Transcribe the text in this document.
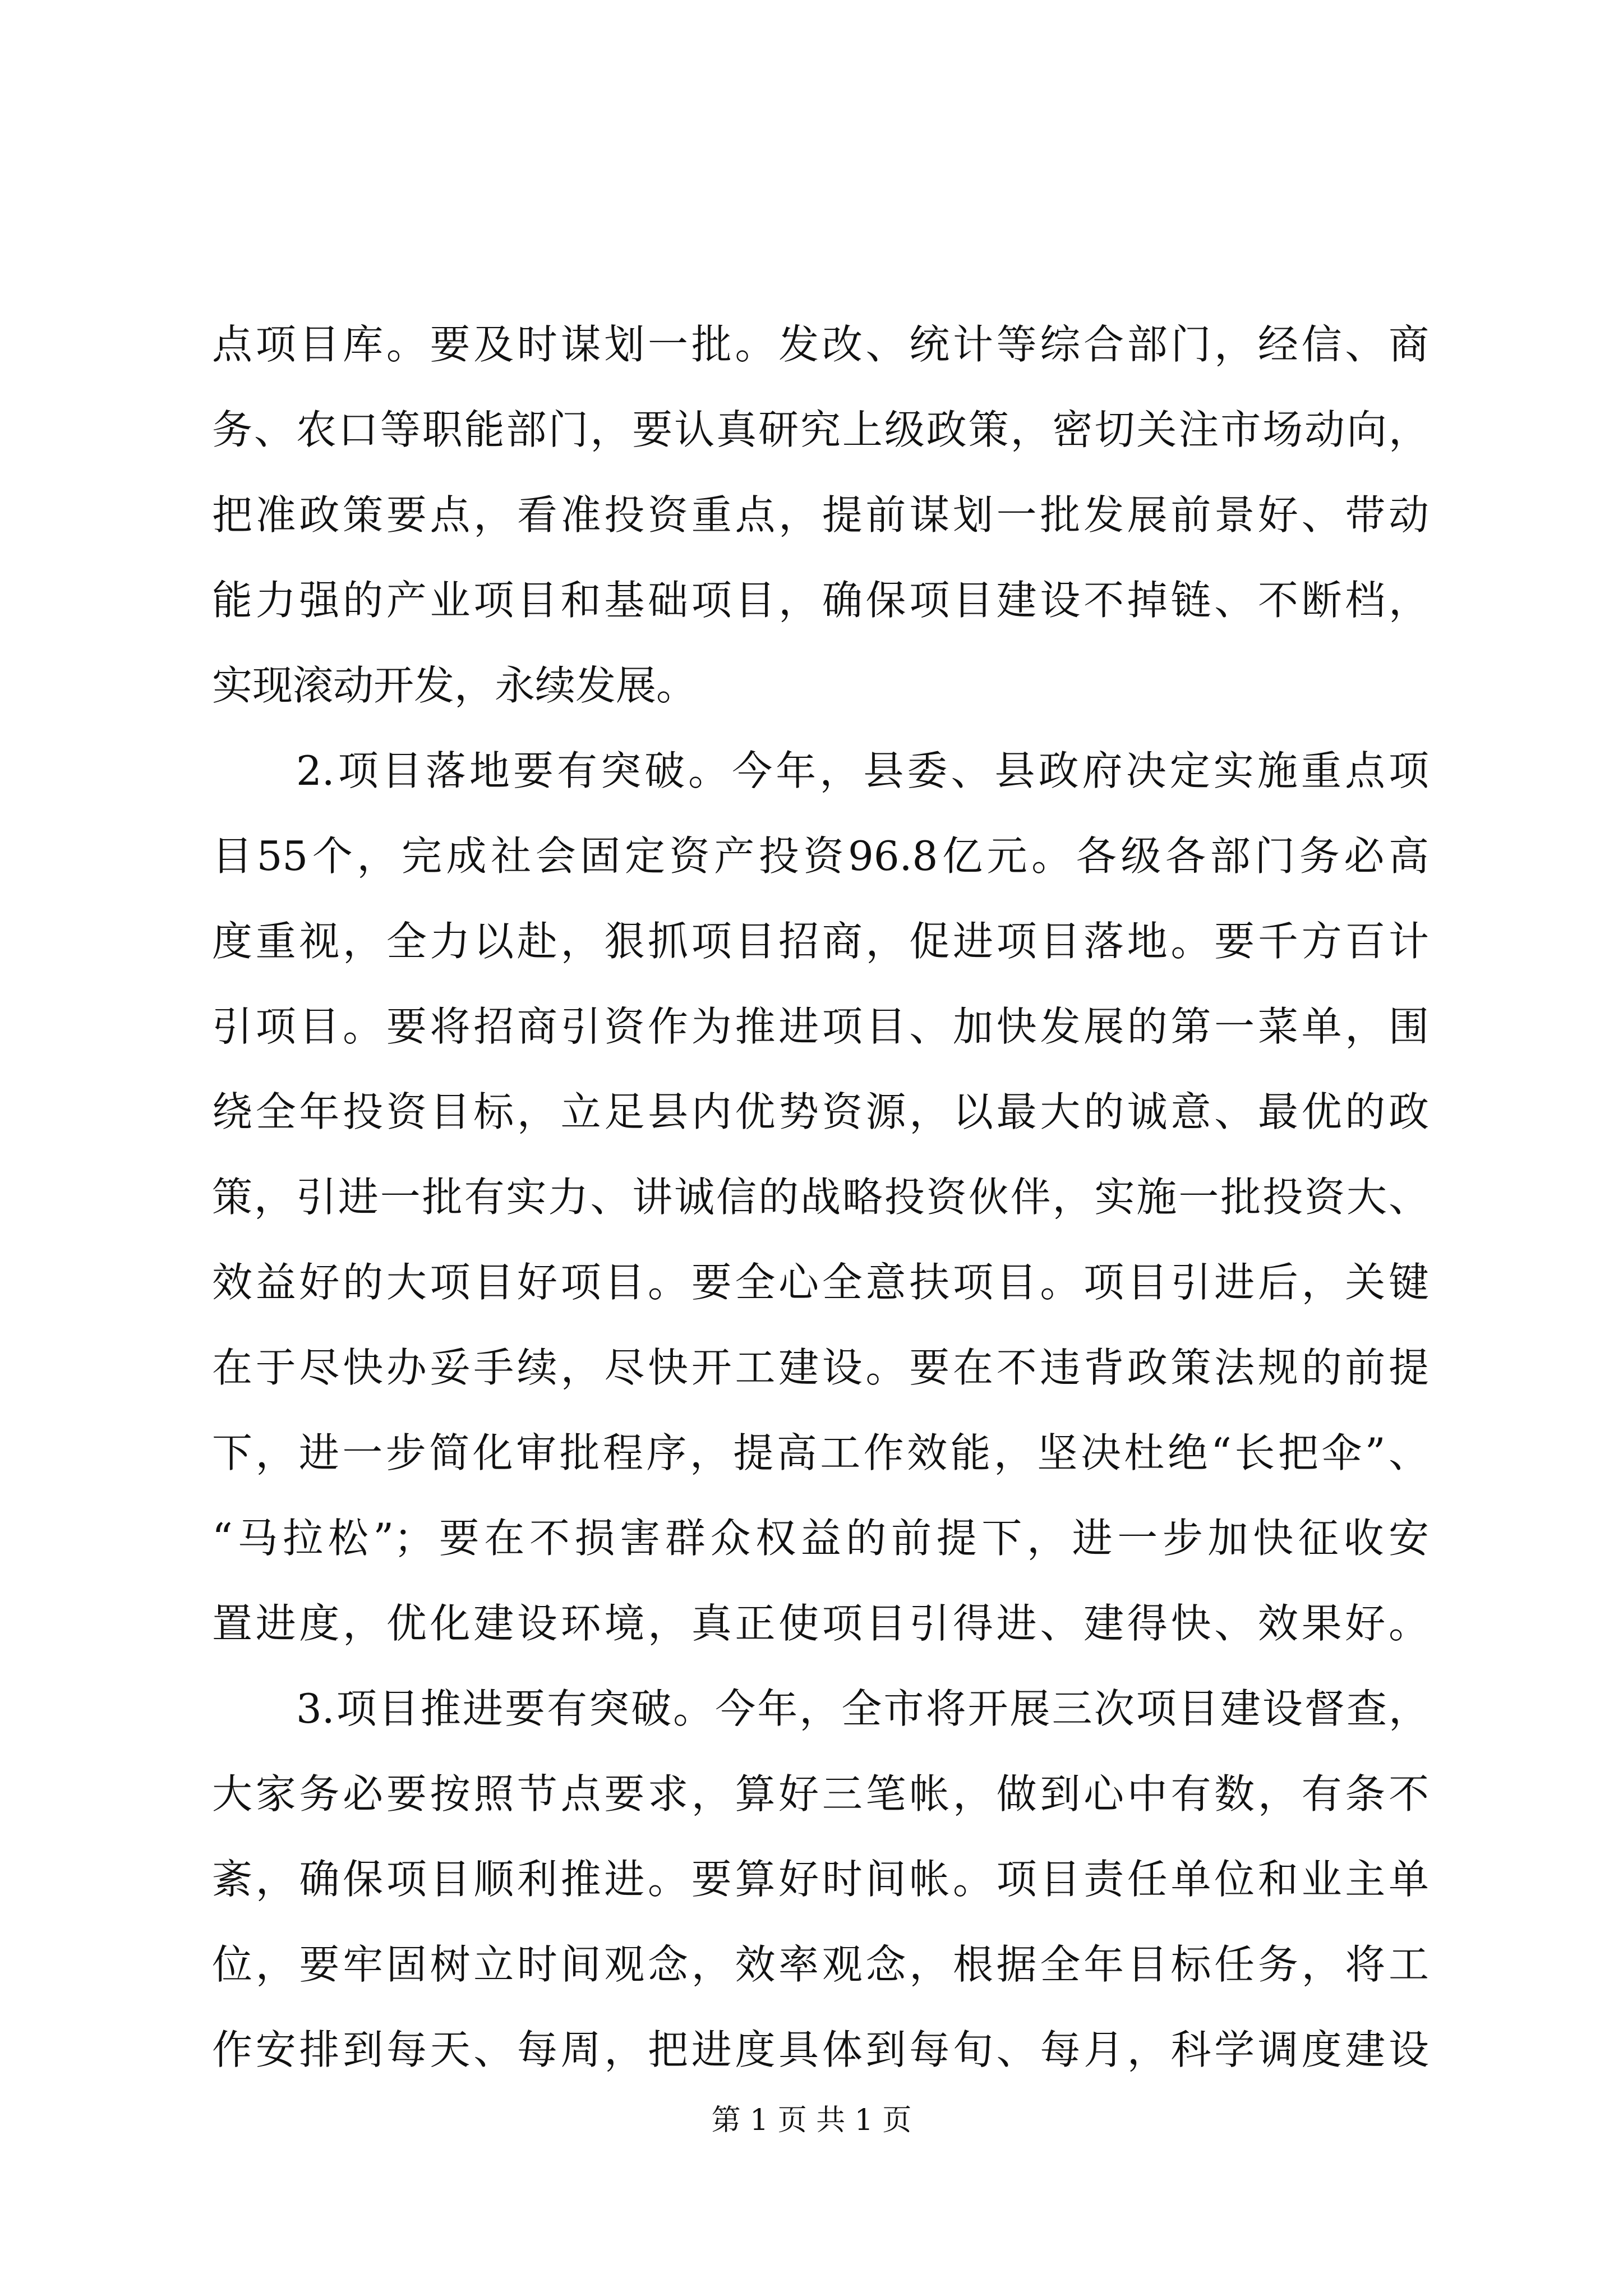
点项目库。要及时谋划一批。发改、统计等综合部门，经信、商
务、农口等职能部门，要认真研究上级政策，密切关注市场动向，
把准政策要点，看准投资重点，提前谋划一批发展前景好、带动
能力强的产业项目和基础项目，确保项目建设不掉链、不断档，
实现滚动开发，永续发展。
2.项目落地要有突破。今年，县委、县政府决定实施重点项
目55个，完成社会固定资产投资96.8亿元。各级各部门务必高
度重视，全力以赴，狠抓项目招商，促进项目落地。要千方百计
引项目。要将招商引资作为推进项目、加快发展的第一菜单，围
绕全年投资目标，立足县内优势资源，以最大的诚意、最优的政
策，引进一批有实力、讲诚信的战略投资伙伴，实施一批投资大、
效益好的大项目好项目。要全心全意扶项目。项目引进后，关键
在于尽快办妥手续，尽快开工建设。要在不违背政策法规的前提
下，进一步简化审批程序，提高工作效能，坚决杜绝“长把伞”、
“马拉松”；要在不损害群众权益的前提下，进一步加快征收安
置进度，优化建设环境，真正使项目引得进、建得快、效果好。
3.项目推进要有突破。今年，全市将开展三次项目建设督查，
大家务必要按照节点要求，算好三笔帐，做到心中有数，有条不
紊，确保项目顺利推进。要算好时间帐。项目责任单位和业主单
位，要牢固树立时间观念，效率观念，根据全年目标任务，将工
作安排到每天、每周，把进度具体到每旬、每月，科学调度建设
第 1 页 共 1 页
